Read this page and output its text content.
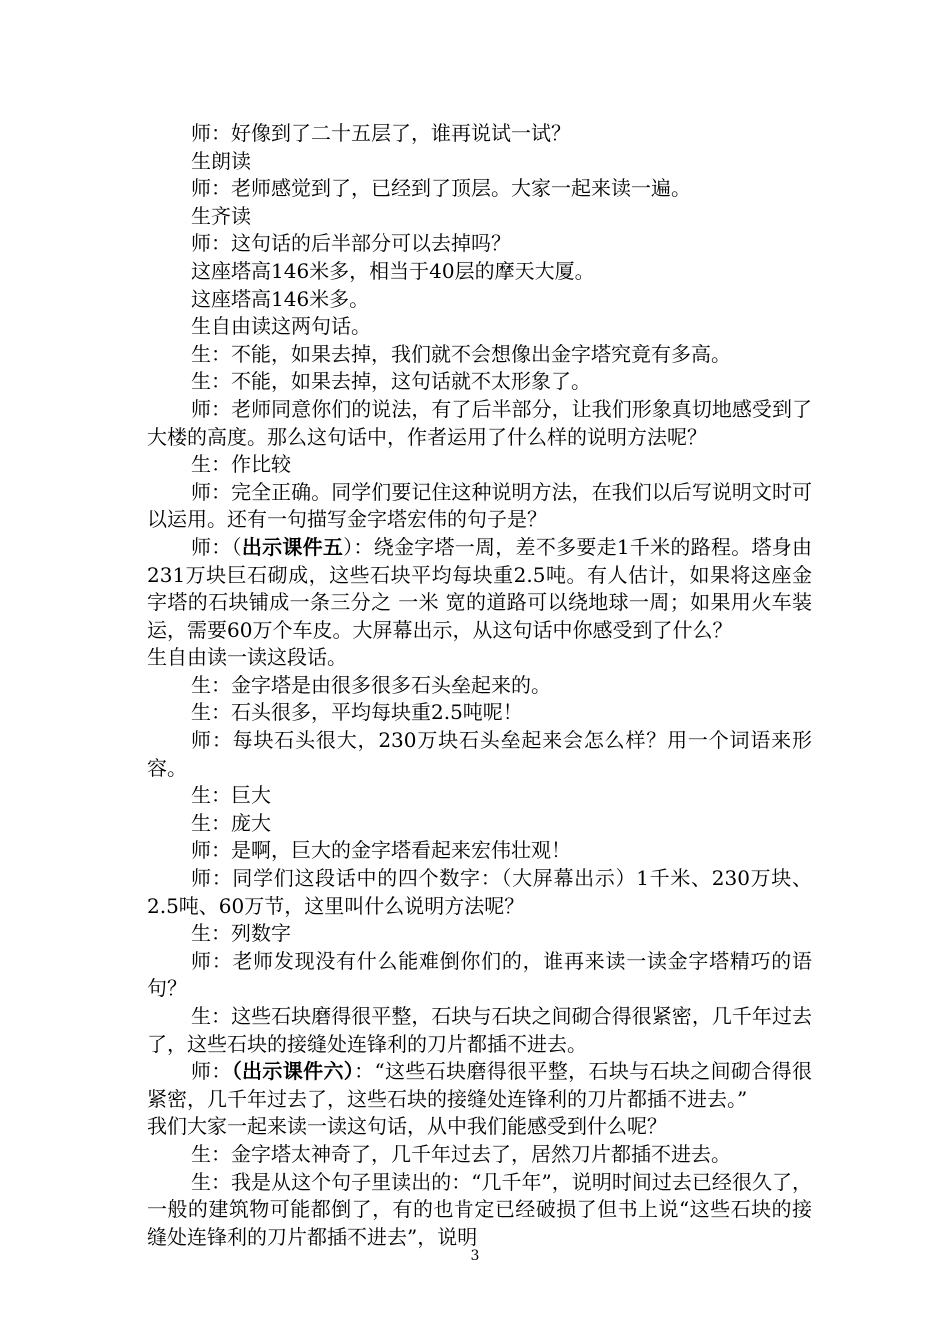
师：好像到了二十五层了，谁再说试一试？

生朗读

师：老师感觉到了，已经到了顶层。大家一起来读一遍。

生齐读

师：这句话的后半部分可以去掉吗？

这座塔高146米多，相当于40层的摩天大厦。

这座塔高146米多。

生自由读这两句话。

生：不能，如果去掉，我们就不会想像出金字塔究竟有多高。

生：不能，如果去掉，这句话就不太形象了。

师：老师同意你们的说法，有了后半部分，让我们形象真切地感受到了大楼的高度。那么这句话中，作者运用了什么样的说明方法呢？

生：作比较

师：完全正确。同学们要记住这种说明方法，在我们以后写说明文时可以运用。还有一句描写金字塔宏伟的句子是？

师：（出示课件五）：绕金字塔一周，差不多要走1千米的路程。塔身由231万块巨石砌成，这些石块平均每块重2.5吨。有人估计，如果将这座金字塔的石块铺成一条三分之 一米 宽的道路可以绕地球一周；如果用火车装运，需要60万个车皮。大屏幕出示，从这句话中你感受到了什么？

生自由读一读这段话。

生：金字塔是由很多很多石头垒起来的。

生：石头很多，平均每块重2.5吨呢！

师：每块石头很大，230万块石头垒起来会怎么样？用一个词语来形容。

生：巨大

生：庞大

师：是啊，巨大的金字塔看起来宏伟壮观！

师：同学们这段话中的四个数字：（大屏幕出示）1千米、230万块、2.5吨、60万节，这里叫什么说明方法呢？

生：列数字

师：老师发现没有什么能难倒你们的，谁再来读一读金字塔精巧的语句？

生：这些石块磨得很平整，石块与石块之间砌合得很紧密，几千年过去了，这些石块的接缝处连锋利的刀片都插不进去。

师：（出示课件六）：“这些石块磨得很平整，石块与石块之间砌合得很紧密，几千年过去了，这些石块的接缝处连锋利的刀片都插不进去。”

我们大家一起来读一读这句话，从中我们能感受到什么呢？

生：金字塔太神奇了，几千年过去了，居然刀片都插不进去。

生：我是从这个句子里读出的：“几千年”，说明时间过去已经很久了，一般的建筑物可能都倒了，有的也肯定已经破损了但书上说“这些石块的接缝处连锋利的刀片都插不进去”，说明

3
